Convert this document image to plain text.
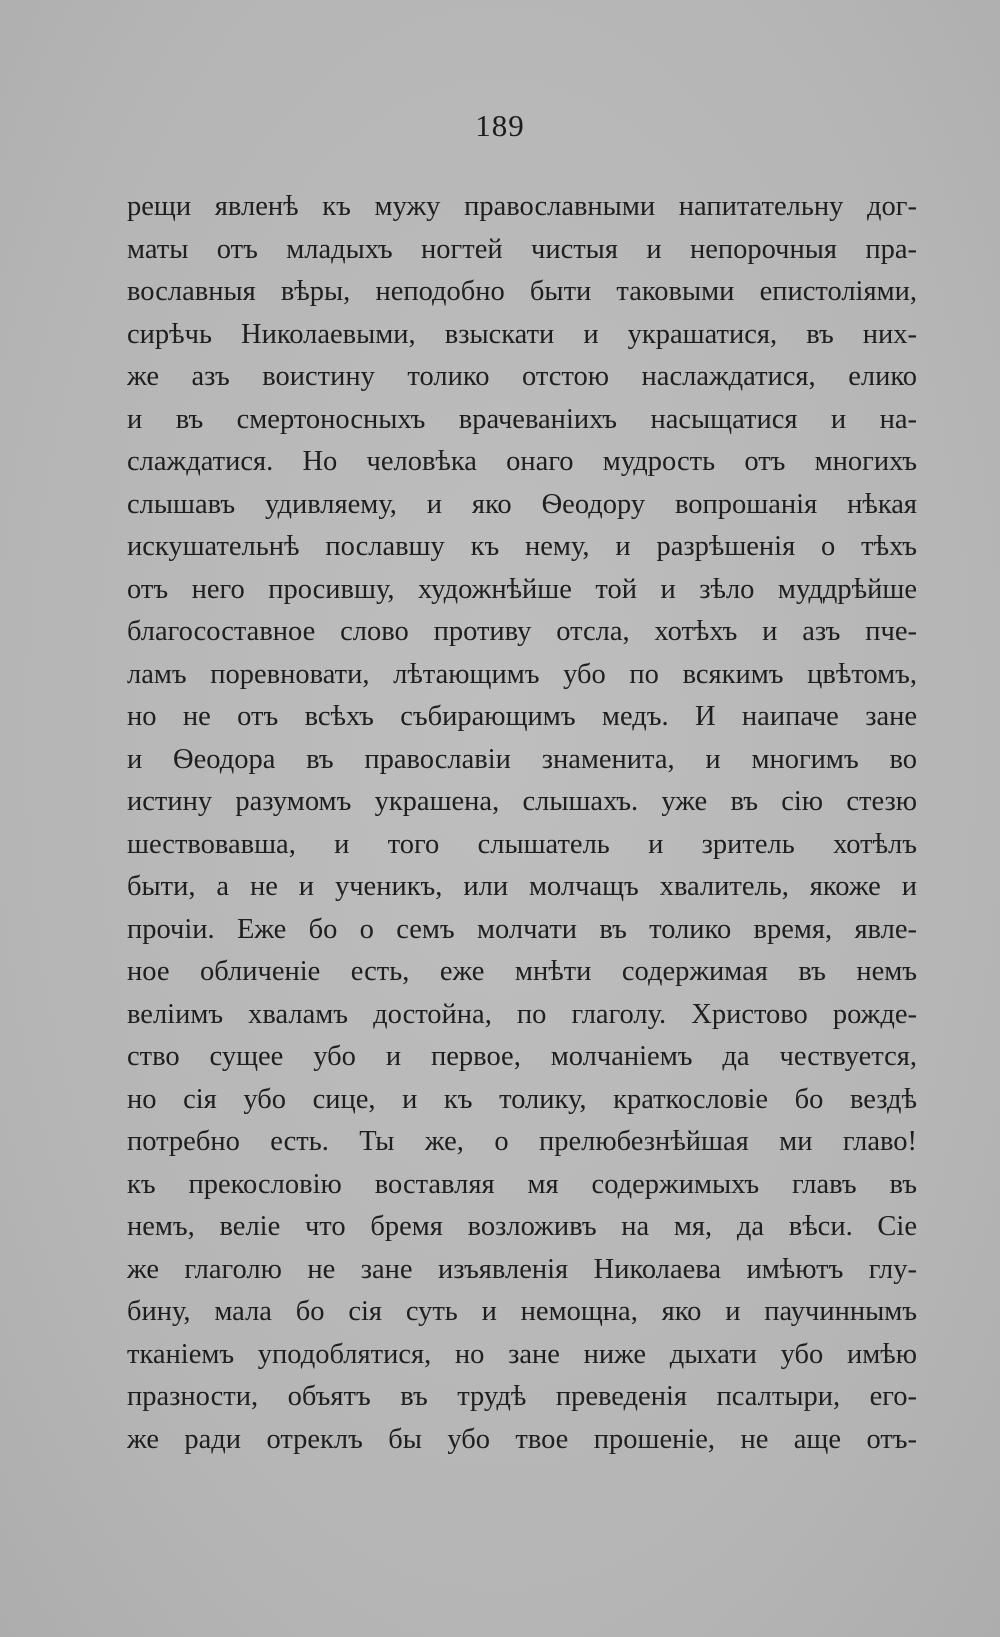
189
рещи явленѣ къ мужу православными напитательну дог-
маты отъ младыхъ ногтей чистыя и непорочныя пра-
вославныя вѣры, неподобно быти таковыми епистоліями,
сирѣчь Николаевыми, взыскати и украшатися, въ них-
же азъ воистину толико отстою наслаждатися, елико
и въ смертоносныхъ врачеваніихъ насыщатися и на-
слаждатися. Но человѣка онаго мудрость отъ многихъ
слышавъ удивляему, и яко Ѳеодору вопрошанія нѣкая
искушательнѣ пославшу къ нему, и разрѣшенія о тѣхъ
отъ него просившу, художнѣйше той и зѣло муддрѣйше
благосоставное слово противу отсла, хотѣхъ и азъ пче-
ламъ поревновати, лѣтающимъ убо по всякимъ цвѣтомъ,
но не отъ всѣхъ събирающимъ медъ. И наипаче зане
и Ѳеодора въ православіи знаменита, и многимъ во
истину разумомъ украшена, слышахъ. уже въ сію стезю
шествовавша, и того слышатель и зритель хотѣлъ
быти, а не и ученикъ, или молчащъ хвалитель, якоже и
прочіи. Еже бо о семъ молчати въ толико время, явле-
ное обличеніе есть, еже мнѣти содержимая въ немъ
веліимъ хваламъ достойна, по глаголу. Христово рожде-
ство сущее убо и первое, молчаніемъ да чествуется,
но сія убо сице, и къ толику, краткословіе бо вездѣ
потребно есть. Ты же, о прелюбезнѣйшая ми главо!
къ прекословію воставляя мя содержимыхъ главъ въ
немъ, веліе что бремя возложивъ на мя, да вѣси. Сіе
же глаголю не зане изъявленія Николаева имѣютъ глу-
бину, мала бо сія суть и немощна, яко и паучиннымъ
тканіемъ уподоблятися, но зане ниже дыхати убо имѣю
празности, объятъ въ трудѣ преведенія псалтыри, его-
же ради отреклъ бы убо твое прошеніе, не аще отъ-
